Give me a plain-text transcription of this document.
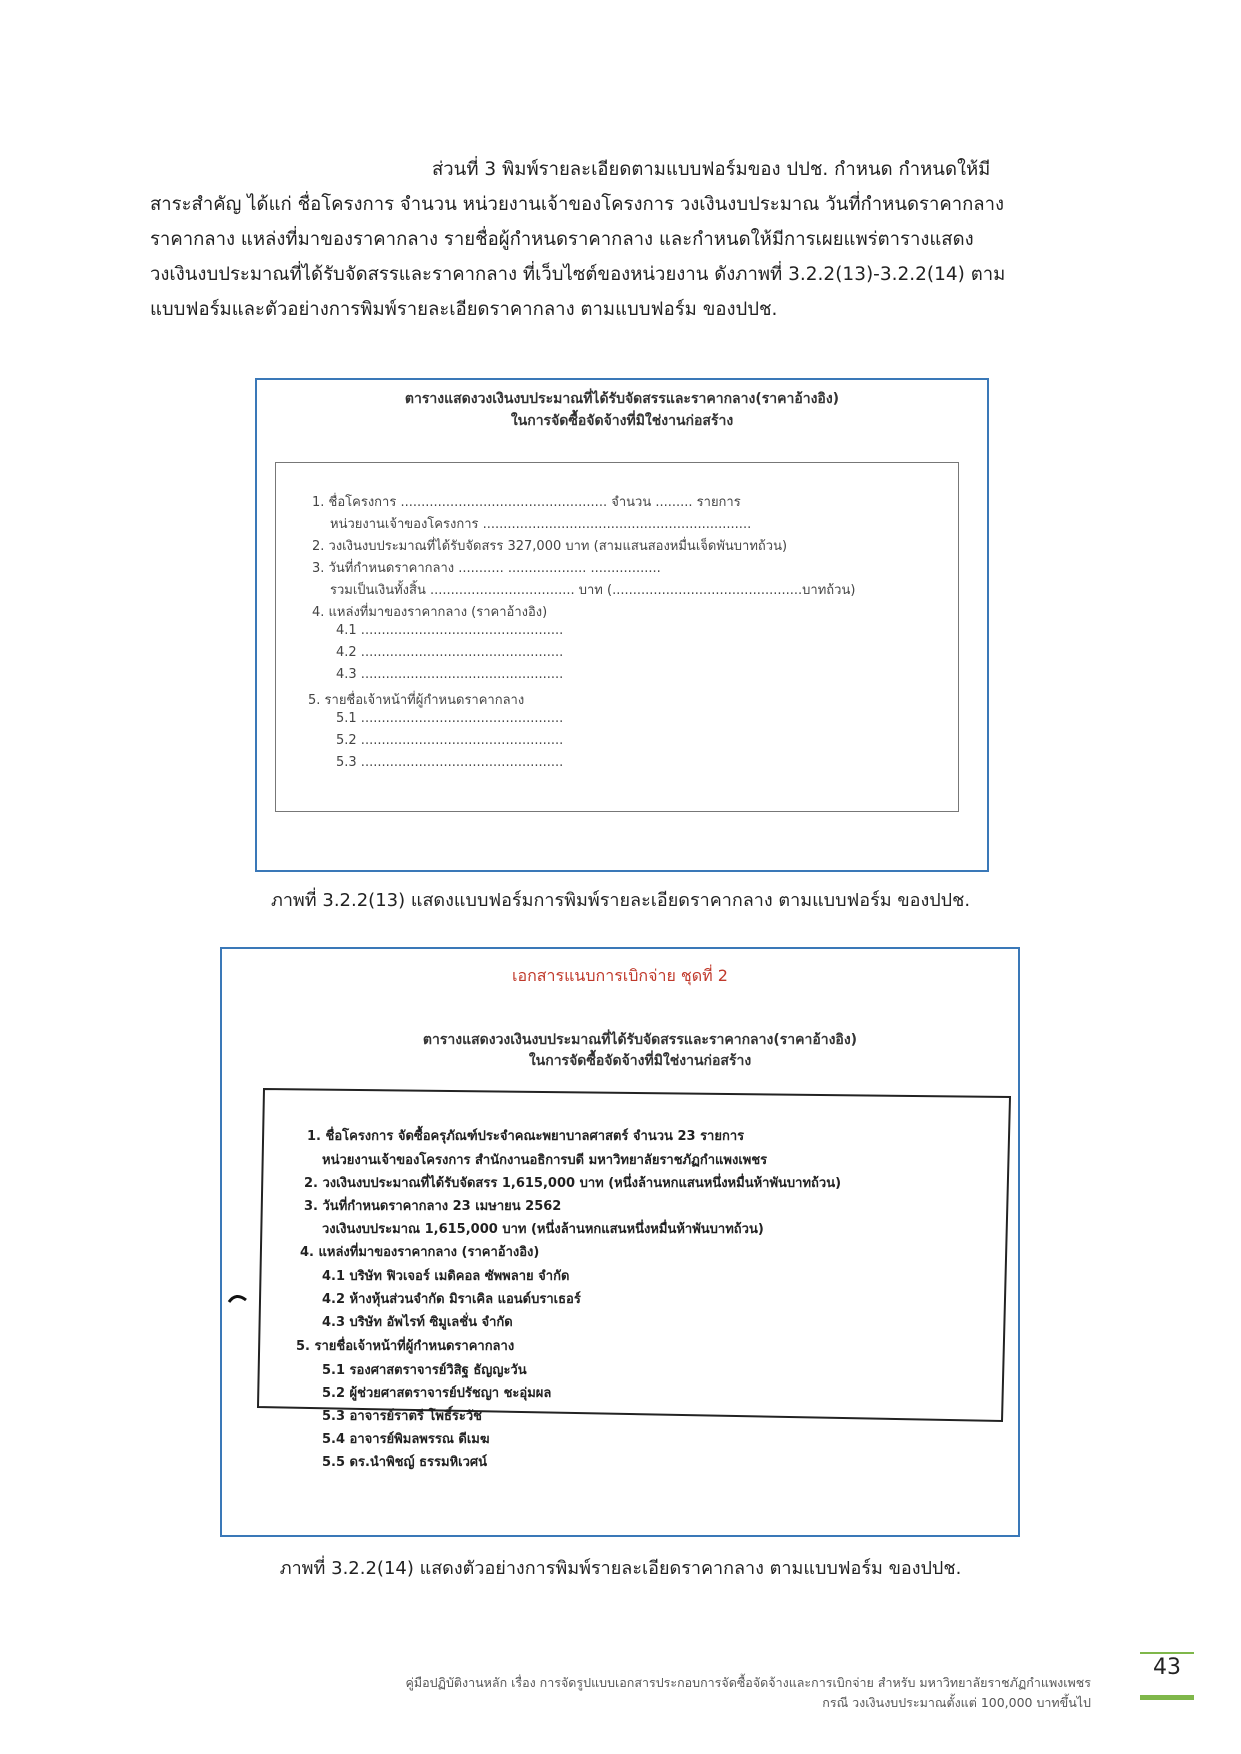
ส่วนที่ 3 พิมพ์รายละเอียดตามแบบฟอร์มของ ปปช. กำหนด กำหนดให้มี
สาระสำคัญ ได้แก่ ชื่อโครงการ จำนวน หน่วยงานเจ้าของโครงการ วงเงินงบประมาณ วันที่กำหนดราคากลาง
ราคากลาง แหล่งที่มาของราคากลาง รายชื่อผู้กำหนดราคากลาง และกำหนดให้มีการเผยแพร่ตารางแสดง
วงเงินงบประมาณที่ได้รับจัดสรรและราคากลาง ที่เว็บไซต์ของหน่วยงาน ดังภาพที่ 3.2.2(13)-3.2.2(14) ตาม
แบบฟอร์มและตัวอย่างการพิมพ์รายละเอียดราคากลาง ตามแบบฟอร์ม ของปปช.
ตารางแสดงวงเงินงบประมาณที่ได้รับจัดสรรและราคากลาง(ราคาอ้างอิง)
ในการจัดซื้อจัดจ้างที่มิใช่งานก่อสร้าง
1. ชื่อโครงการ .................................................. จำนวน ......... รายการ
หน่วยงานเจ้าของโครงการ .................................................................
2. วงเงินงบประมาณที่ได้รับจัดสรร 327,000 บาท (สามแสนสองหมื่นเจ็ดพันบาทถ้วน)
3. วันที่กำหนดราคากลาง ........... ................... .................
รวมเป็นเงินทั้งสิ้น ................................... บาท (..............................................บาทถ้วน)
4. แหล่งที่มาของราคากลาง (ราคาอ้างอิง)
4.1 .................................................
4.2 .................................................
4.3 .................................................
5. รายชื่อเจ้าหน้าที่ผู้กำหนดราคากลาง
5.1 .................................................
5.2 .................................................
5.3 .................................................
ภาพที่ 3.2.2(13) แสดงแบบฟอร์มการพิมพ์รายละเอียดราคากลาง ตามแบบฟอร์ม ของปปช.
เอกสารแนบการเบิกจ่าย ชุดที่ 2
ตารางแสดงวงเงินงบประมาณที่ได้รับจัดสรรและราคากลาง(ราคาอ้างอิง)
ในการจัดซื้อจัดจ้างที่มิใช่งานก่อสร้าง
1. ชื่อโครงการ จัดซื้อครุภัณฑ์ประจำคณะพยาบาลศาสตร์ จำนวน 23 รายการ
หน่วยงานเจ้าของโครงการ สำนักงานอธิการบดี มหาวิทยาลัยราชภัฏกำแพงเพชร
2. วงเงินงบประมาณที่ได้รับจัดสรร 1,615,000 บาท (หนึ่งล้านหกแสนหนึ่งหมื่นห้าพันบาทถ้วน)
3. วันที่กำหนดราคากลาง 23 เมษายน 2562
วงเงินงบประมาณ 1,615,000 บาท (หนึ่งล้านหกแสนหนึ่งหมื่นห้าพันบาทถ้วน)
4. แหล่งที่มาของราคากลาง (ราคาอ้างอิง)
4.1 บริษัท ฟิวเจอร์ เมดิคอล ซัพพลาย จำกัด
4.2 ห้างหุ้นส่วนจำกัด มิราเคิล แอนด์บราเธอร์
4.3 บริษัท อัพไรท์ ซิมูเลชั่น จำกัด
5. รายชื่อเจ้าหน้าที่ผู้กำหนดราคากลาง
5.1 รองศาสตราจารย์วิสิฐ ธัญญะวัน
5.2 ผู้ช่วยศาสตราจารย์ปรัชญา ชะอุ่มผล
5.3 อาจารย์ราตรี โพธิ์ระวัช
5.4 อาจารย์พิมลพรรณ ดีเมฆ
5.5 ดร.นำพิชญ์ ธรรมหิเวศน์
ภาพที่ 3.2.2(14) แสดงตัวอย่างการพิมพ์รายละเอียดราคากลาง ตามแบบฟอร์ม ของปปช.
คู่มือปฏิบัติงานหลัก เรื่อง การจัดรูปแบบเอกสารประกอบการจัดซื้อจัดจ้างและการเบิกจ่าย สำหรับ มหาวิทยาลัยราชภัฏกำแพงเพชร
กรณี วงเงินงบประมาณตั้งแต่ 100,000 บาทขึ้นไป
43
